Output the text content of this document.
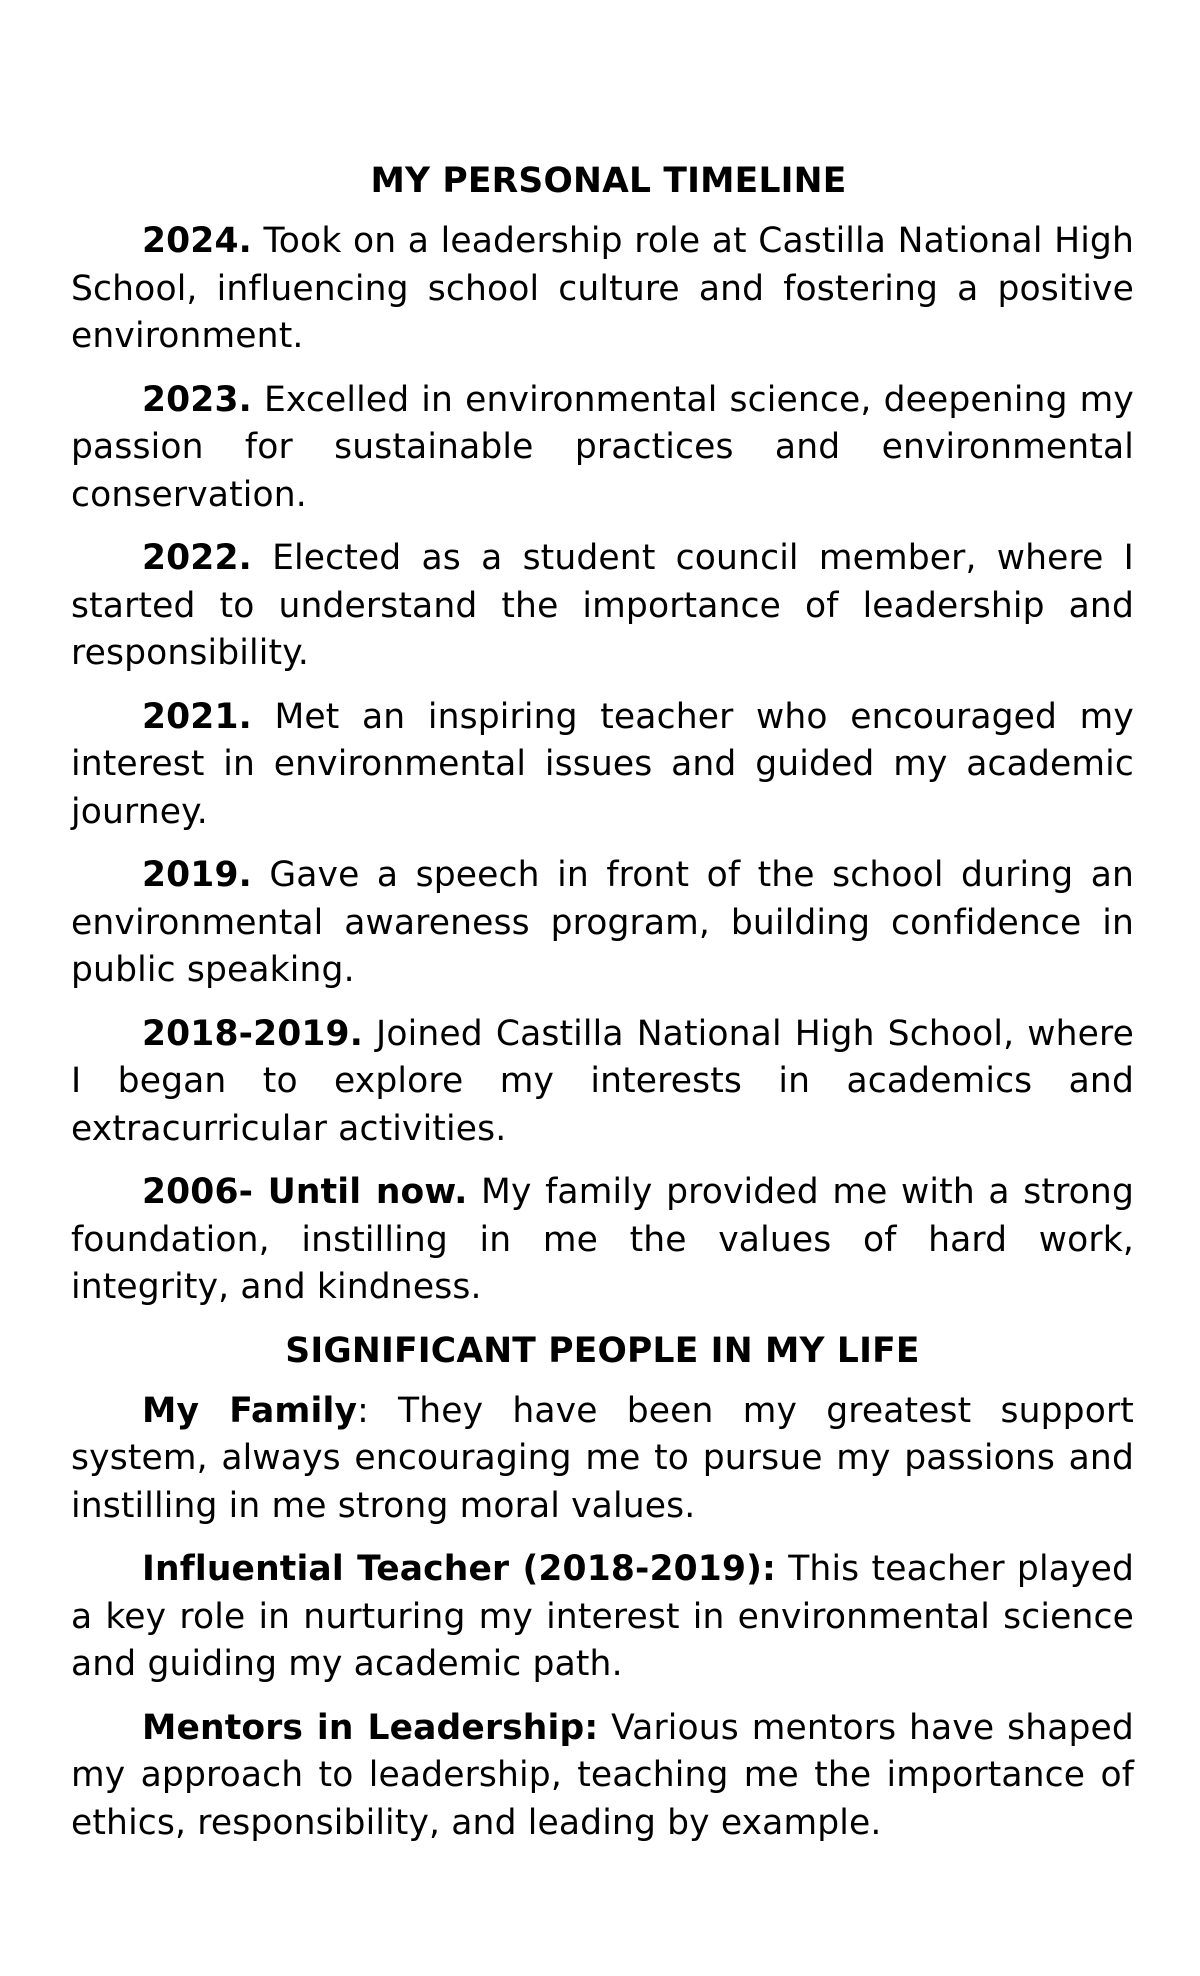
MY PERSONAL TIMELINE

2024. Took on a leadership role at Castilla National High School, influencing school culture and fostering a positive environment.

2023. Excelled in environmental science, deepening my passion for sustainable practices and environmental conservation.

2022. Elected as a student council member, where I started to understand the importance of leadership and responsibility.

2021. Met an inspiring teacher who encouraged my interest in environmental issues and guided my academic journey.

2019. Gave a speech in front of the school during an environmental awareness program, building confidence in public speaking.

2018-2019. Joined Castilla National High School, where I began to explore my interests in academics and extracurricular activities.

2006- Until now. My family provided me with a strong foundation, instilling in me the values of hard work, integrity, and kindness.

SIGNIFICANT PEOPLE IN MY LIFE

My Family: They have been my greatest support system, always encouraging me to pursue my passions and instilling in me strong moral values.

Influential Teacher (2018-2019): This teacher played a key role in nurturing my interest in environmental science and guiding my academic path.

Mentors in Leadership: Various mentors have shaped my approach to leadership, teaching me the importance of ethics, responsibility, and leading by example.
